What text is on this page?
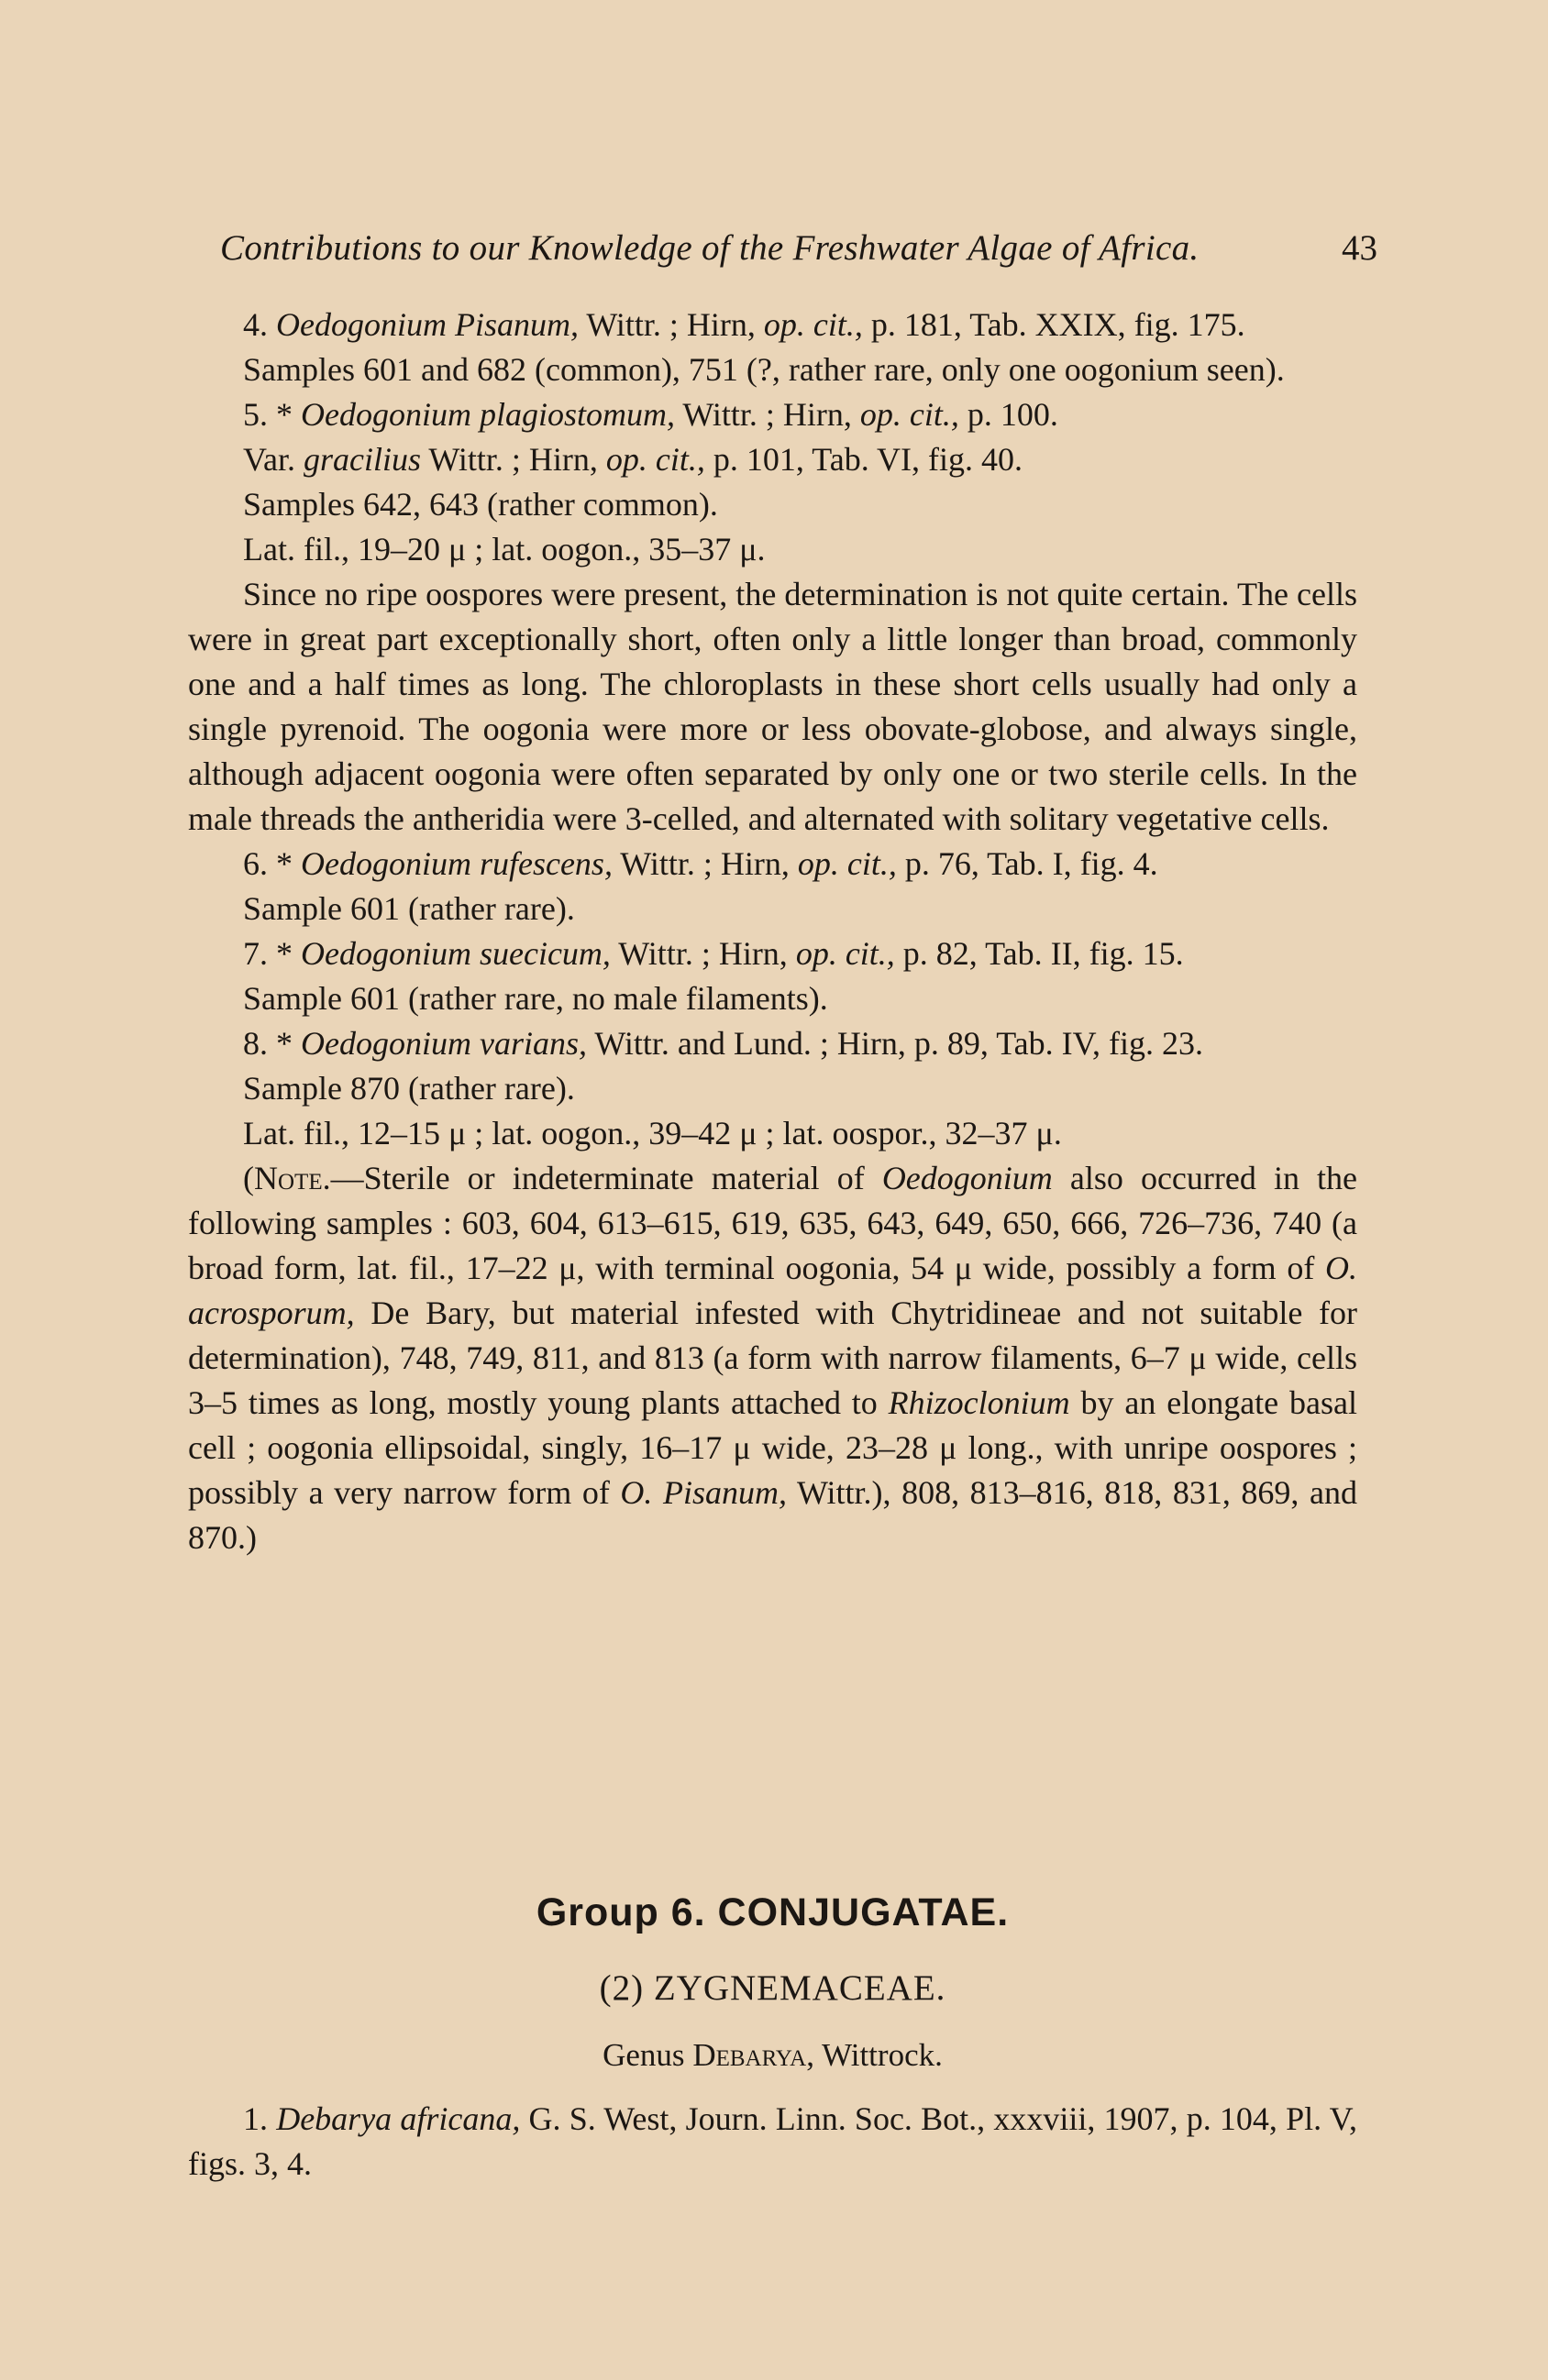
Contributions to our Knowledge of the Freshwater Algae of Africa.	43

4. Oedogonium Pisanum, Wittr. ; Hirn, op. cit., p. 181, Tab. XXIX, fig. 175.

Samples 601 and 682 (common), 751 (?, rather rare, only one oogonium seen).

5. * Oedogonium plagiostomum, Wittr. ; Hirn, op. cit., p. 100.

Var. gracilius Wittr. ; Hirn, op. cit., p. 101, Tab. VI, fig. 40.

Samples 642, 643 (rather common).

Lat. fil., 19–20 μ ; lat. oogon., 35–37 μ.

Since no ripe oospores were present, the determination is not quite certain. The cells were in great part exceptionally short, often only a little longer than broad, commonly one and a half times as long. The chloroplasts in these short cells usually had only a single pyrenoid. The oogonia were more or less obovate-globose, and always single, although adjacent oogonia were often separated by only one or two sterile cells. In the male threads the antheridia were 3-celled, and alternated with solitary vegetative cells.

6. * Oedogonium rufescens, Wittr. ; Hirn, op. cit., p. 76, Tab. I, fig. 4.

Sample 601 (rather rare).

7. * Oedogonium suecicum, Wittr. ; Hirn, op. cit., p. 82, Tab. II, fig. 15.

Sample 601 (rather rare, no male filaments).

8. * Oedogonium varians, Wittr. and Lund. ; Hirn, p. 89, Tab. IV, fig. 23.

Sample 870 (rather rare).

Lat. fil., 12–15 μ ; lat. oogon., 39–42 μ ; lat. oospor., 32–37 μ.

(Note.—Sterile or indeterminate material of Oedogonium also occurred in the following samples : 603, 604, 613–615, 619, 635, 643, 649, 650, 666, 726–736, 740 (a broad form, lat. fil., 17–22 μ, with terminal oogonia, 54 μ wide, possibly a form of O. acrosporum, De Bary, but material infested with Chytridineae and not suitable for determination), 748, 749, 811, and 813 (a form with narrow filaments, 6–7 μ wide, cells 3–5 times as long, mostly young plants attached to Rhizoclonium by an elongate basal cell ; oogonia ellipsoidal, singly, 16–17 μ wide, 23–28 μ long., with unripe oospores ; possibly a very narrow form of O. Pisanum, Wittr.), 808, 813–816, 818, 831, 869, and 870.)

Group 6. CONJUGATAE.
(2) ZYGNEMACEAE.
Genus Debarya, Wittrock.

1. Debarya africana, G. S. West, Journ. Linn. Soc. Bot., xxxviii, 1907, p. 104, Pl. V, figs. 3, 4.
